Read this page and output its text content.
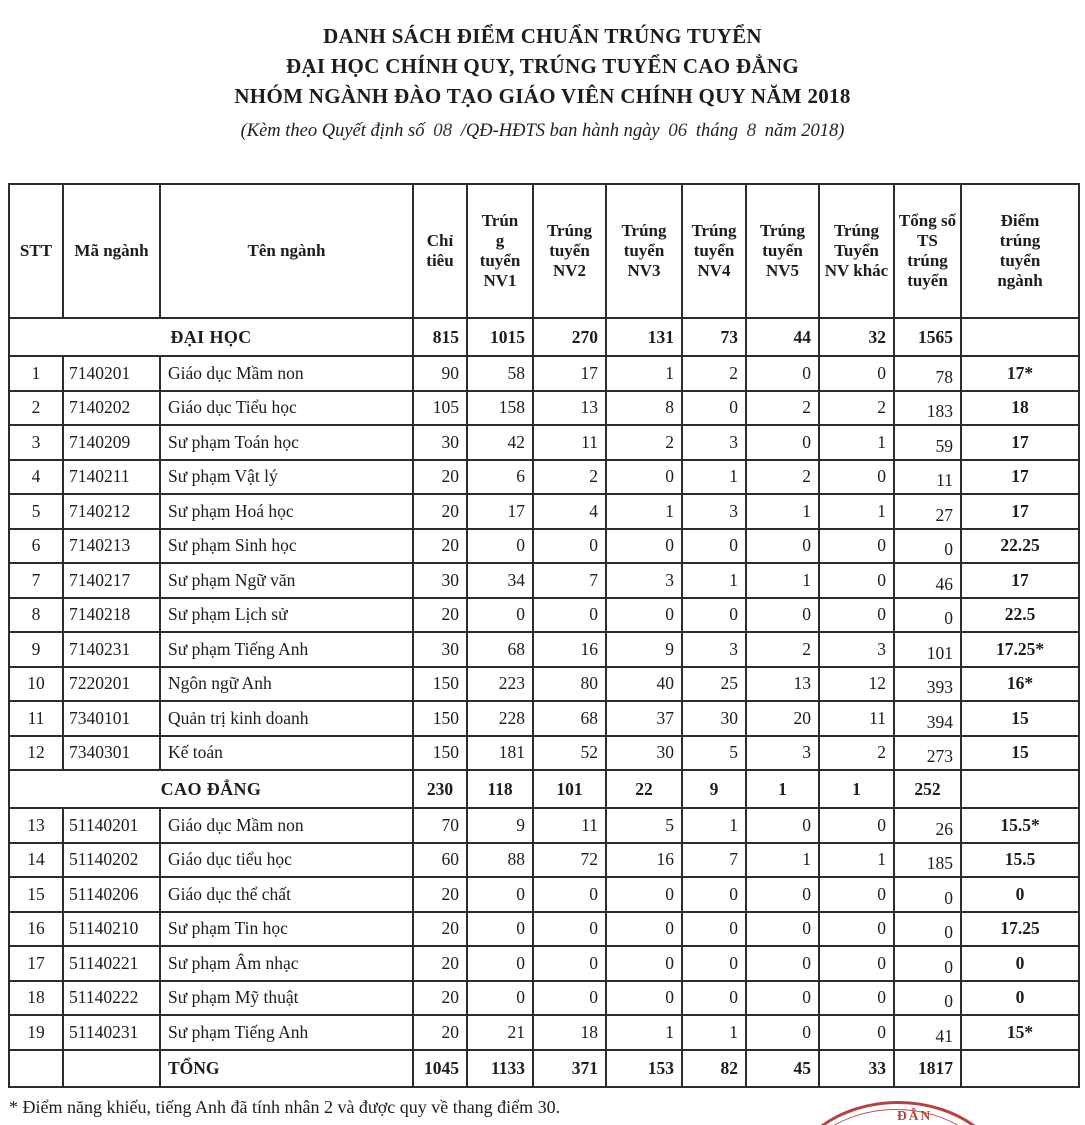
DANH SÁCH ĐIỂM CHUẨN TRÚNG TUYỂN
ĐẠI HỌC CHÍNH QUY, TRÚNG TUYỂN CAO ĐẲNG
NHÓM NGÀNH ĐÀO TẠO GIÁO VIÊN CHÍNH QUY NĂM 2018
(Kèm theo Quyết định số 08 /QĐ-HĐTS ban hành ngày 06 tháng 8 năm 2018)
STT	Mã ngành	Tên ngành	Chỉ tiêu	Trúng tuyển NV1	Trúng tuyển NV2	Trúng tuyển NV3	Trúng tuyển NV4	Trúng tuyển NV5	Trúng Tuyển NV khác	Tổng số TS trúng tuyển	Điểm trúng tuyển ngành
ĐẠI HỌC			815	1015	270	131	73	44	32	1565	
1	7140201	Giáo dục Mầm non	90	58	17	1	2	0	0	78	17*
2	7140202	Giáo dục Tiểu học	105	158	13	8	0	2	2	183	18
3	7140209	Sư phạm Toán học	30	42	11	2	3	0	1	59	17
4	7140211	Sư phạm Vật lý	20	6	2	0	1	2	0	11	17
5	7140212	Sư phạm Hoá học	20	17	4	1	3	1	1	27	17
6	7140213	Sư phạm Sinh học	20	0	0	0	0	0	0	0	22.25
7	7140217	Sư phạm Ngữ văn	30	34	7	3	1	1	0	46	17
8	7140218	Sư phạm Lịch sử	20	0	0	0	0	0	0	0	22.5
9	7140231	Sư phạm Tiếng Anh	30	68	16	9	3	2	3	101	17.25*
10	7220201	Ngôn ngữ Anh	150	223	80	40	25	13	12	393	16*
11	7340101	Quản trị kinh doanh	150	228	68	37	30	20	11	394	15
12	7340301	Kế toán	150	181	52	30	5	3	2	273	15
CAO ĐẲNG			230	118	101	22	9	1	1	252	
13	51140201	Giáo dục Mầm non	70	9	11	5	1	0	0	26	15.5*
14	51140202	Giáo dục tiểu học	60	88	72	16	7	1	1	185	15.5
15	51140206	Giáo dục thể chất	20	0	0	0	0	0	0	0	0
16	51140210	Sư phạm Tin học	20	0	0	0	0	0	0	0	17.25
17	51140221	Sư phạm Âm nhạc	20	0	0	0	0	0	0	0	0
18	51140222	Sư phạm Mỹ thuật	20	0	0	0	0	0	0	0	0
19	51140231	Sư phạm Tiếng Anh	20	21	18	1	1	0	0	41	15*
		TỔNG	1045	1133	371	153	82	45	33	1817	
* Điểm năng khiếu, tiếng Anh đã tính nhân 2 và được quy về thang điểm 30.	ĐÂN
